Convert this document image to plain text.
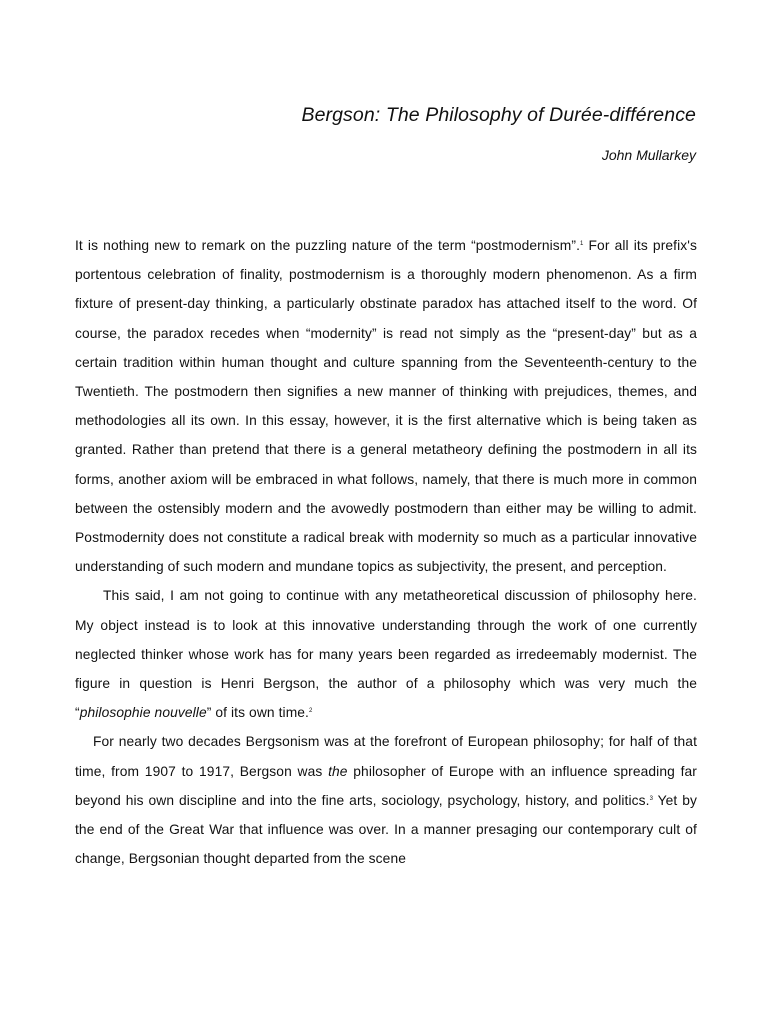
Bergson: The Philosophy of Durée-différence
John Mullarkey

It is nothing new to remark on the puzzling nature of the term “postmodernism”.$^1$ For all its prefix's portentous celebration of finality, postmodernism is a thoroughly modern phenomenon. As a firm fixture of present-day thinking, a particularly obstinate paradox has attached itself to the word. Of course, the paradox recedes when “modernity” is read not simply as the “present-day” but as a certain tradition within human thought and culture spanning from the Seventeenth-century to the Twentieth. The postmodern then signifies a new manner of thinking with prejudices, themes, and methodologies all its own. In this essay, however, it is the first alternative which is being taken as granted. Rather than pretend that there is a general metatheory defining the postmodern in all its forms, another axiom will be embraced in what follows, namely, that there is much more in common between the ostensibly modern and the avowedly postmodern than either may be willing to admit. Postmodernity does not constitute a radical break with modernity so much as a particular innovative understanding of such modern and mundane topics as subjectivity, the present, and perception.

This said, I am not going to continue with any metatheoretical discussion of philosophy here. My object instead is to look at this innovative understanding through the work of one currently neglected thinker whose work has for many years been regarded as irredeemably modernist. The figure in question is Henri Bergson, the author of a philosophy which was very much the “philosophie nouvelle” of its own time.$^2$

For nearly two decades Bergsonism was at the forefront of European philosophy; for half of that time, from 1907 to 1917, Bergson was the philosopher of Europe with an influence spreading far beyond his own discipline and into the fine arts, sociology, psychology, history, and politics.$^3$ Yet by the end of the Great War that influence was over. In a manner presaging our contemporary cult of change, Bergsonian thought departed from the scene
